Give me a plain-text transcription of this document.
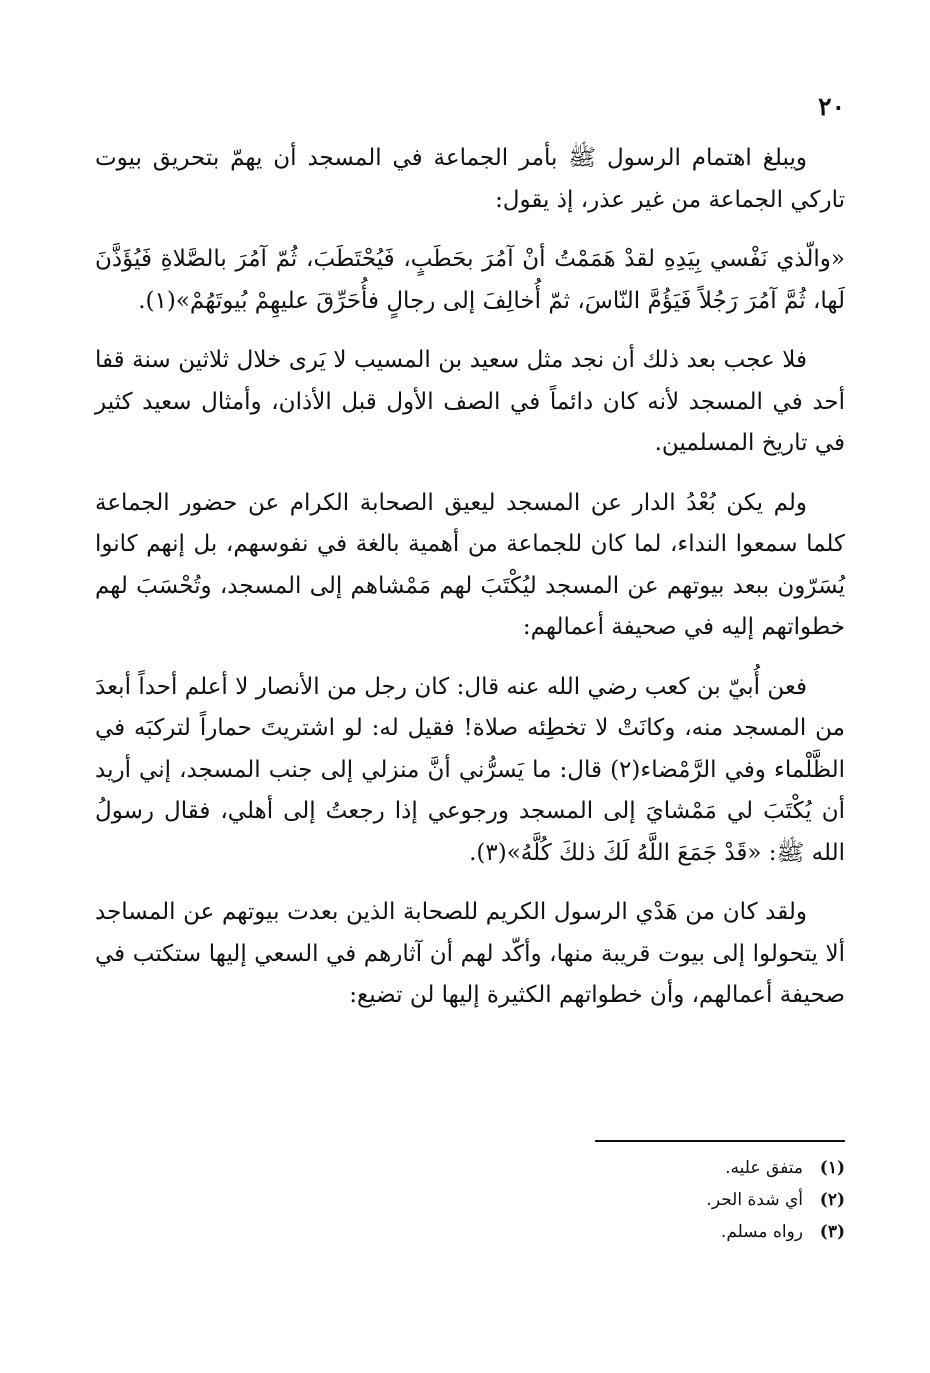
٢٠

ويبلغ اهتمام الرسول ﷺ بأمر الجماعة في المسجد أن يهمّ بتحريق بيوت تاركي الجماعة من غير عذر، إذ يقول:

«والّذي نَفْسي بِيَدِهِ لقدْ هَمَمْتُ أنْ آمُرَ بحَطَبٍ، فَيُحْتَطَبَ، ثُمّ آمُرَ بالصَّلاةِ فَيُؤَذَّنَ لَها، ثُمَّ آمُرَ رَجُلاً فَيَؤُمَّ النّاسَ، ثمّ أُخالِفَ إلى رجالٍ فأُحَرِّقَ عليهِمْ بُيوتَهُمْ»(١).

فلا عجب بعد ذلك أن نجد مثل سعيد بن المسيب لا يَرى خلال ثلاثين سنة قفا أحد في المسجد لأنه كان دائماً في الصف الأول قبل الأذان، وأمثال سعيد كثير في تاريخ المسلمين.

ولم يكن بُعْدُ الدار عن المسجد ليعيق الصحابة الكرام عن حضور الجماعة كلما سمعوا النداء، لما كان للجماعة من أهمية بالغة في نفوسهم، بل إنهم كانوا يُسَرّون ببعد بيوتهم عن المسجد ليُكْتَبَ لهم مَمْشاهم إلى المسجد، وتُحْسَبَ لهم خطواتهم إليه في صحيفة أعمالهم:

فعن أُبيّ بن كعب رضي الله عنه قال: كان رجل من الأنصار لا أعلم أحداً أبعدَ من المسجد منه، وكانَتْ لا تخطِئه صلاة! فقيل له: لو اشتريتَ حماراً لتركبَه في الظَّلْماء وفي الرَّمْضاء(٢) قال: ما يَسرُّني أنَّ منزلي إلى جنب المسجد، إني أريد أن يُكْتَبَ لي مَمْشايَ إلى المسجد ورجوعي إذا رجعتُ إلى أهلي، فقال رسولُ الله ﷺ: «قَدْ جَمَعَ اللَّهُ لَكَ ذلكَ كُلَّهُ»(٣).

ولقد كان من هَدْي الرسول الكريم للصحابة الذين بعدت بيوتهم عن المساجد ألا يتحولوا إلى بيوت قريبة منها، وأكّد لهم أن آثارهم في السعي إليها ستكتب في صحيفة أعمالهم، وأن خطواتهم الكثيرة إليها لن تضيع:

(١)متفق عليه.
(٢)أي شدة الحر.
(٣)رواه مسلم.
